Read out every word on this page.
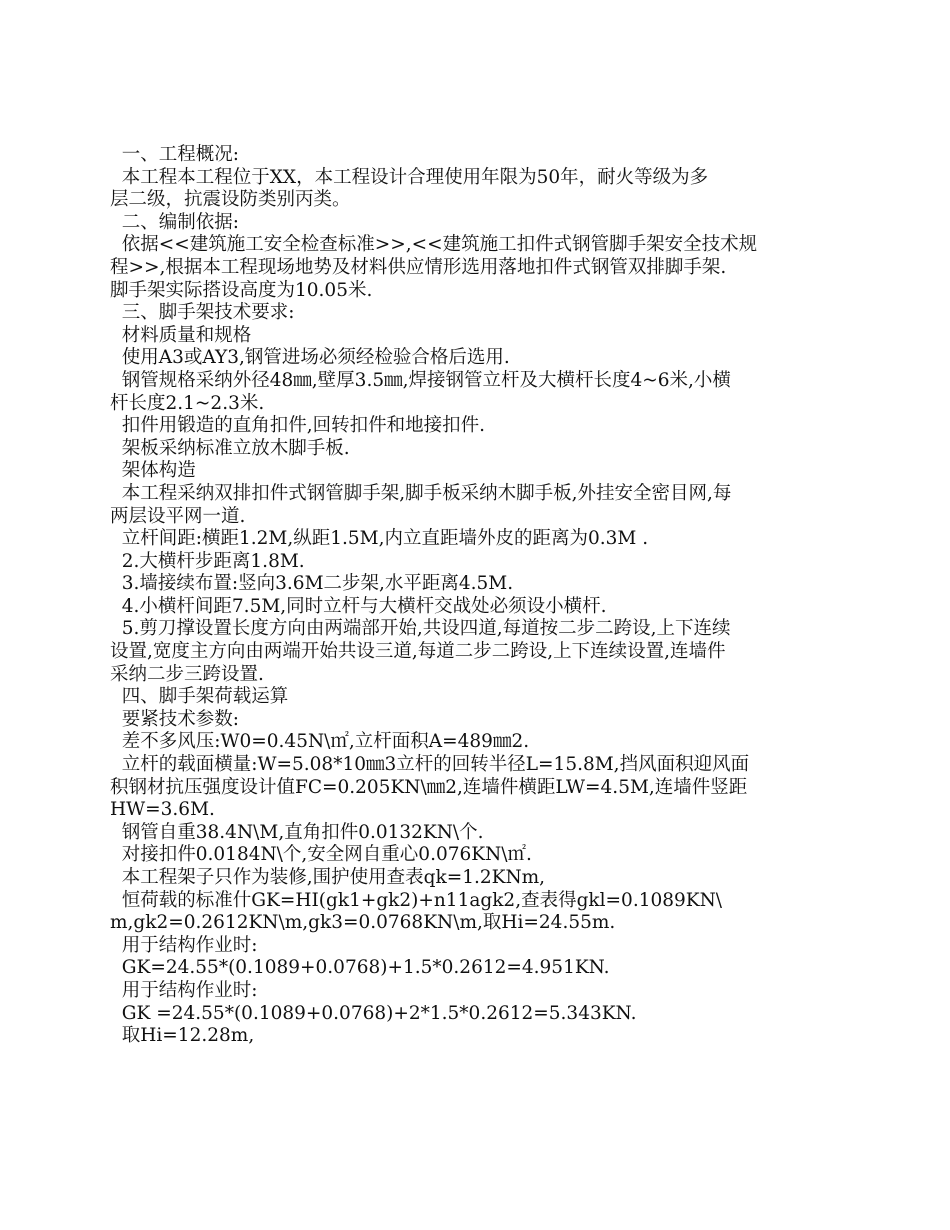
一、工程概况:
本工程本工程位于XX，本工程设计合理使用年限为50年，耐火等级为多
层二级，抗震设防类别丙类。
二、编制依据:
依据<<建筑施工安全检查标准>>,<<建筑施工扣件式钢管脚手架安全技术规
程>>,根据本工程现场地势及材料供应情形选用落地扣件式钢管双排脚手架.
脚手架实际搭设高度为10.05米.
三、脚手架技术要求:
材料质量和规格
使用A3或AY3,钢管进场必须经检验合格后选用.
钢管规格采纳外径48㎜,壁厚3.5㎜,焊接钢管立杆及大横杆长度4~6米,小横
杆长度2.1~2.3米.
扣件用锻造的直角扣件,回转扣件和地接扣件.
架板采纳标准立放木脚手板.
架体构造
本工程采纳双排扣件式钢管脚手架,脚手板采纳木脚手板,外挂安全密目网,每
两层设平网一道.
立杆间距:横距1.2M,纵距1.5M,内立直距墙外皮的距离为0.3M .
2.大横杆步距离1.8M.
3.墙接续布置:竖向3.6M二步架,水平距离4.5M.
4.小横杆间距7.5M,同时立杆与大横杆交战处必须设小横杆.
5.剪刀撑设置长度方向由两端部开始,共设四道,每道按二步二跨设,上下连续
设置,宽度主方向由两端开始共设三道,每道二步二跨设,上下连续设置,连墙件
采纳二步三跨设置.
四、脚手架荷载运算
要紧技术参数:
差不多风压:W0=0.45N\㎡,立杆面积A=489㎜2.
立杆的载面横量:W=5.08*10㎜3立杆的回转半径L=15.8M,挡风面积迎风面
积钢材抗压强度设计值FC=0.205KN\㎜2,连墙件横距LW=4.5M,连墙件竖距
HW=3.6M.
钢管自重38.4N\M,直角扣件0.0132KN\个.
对接扣件0.0184N\个,安全网自重心0.076KN\㎡.
本工程架子只作为装修,围护使用查表qk=1.2KNm,
恒荷载的标准什GK=HI(gk1+gk2)+n11agk2,查表得gkl=0.1089KN\
m,gk2=0.2612KN\m,gk3=0.0768KN\m,取Hi=24.55m.
用于结构作业时:
GK=24.55*(0.1089+0.0768)+1.5*0.2612=4.951KN.
用于结构作业时:
GK =24.55*(0.1089+0.0768)+2*1.5*0.2612=5.343KN.
取Hi=12.28m,
